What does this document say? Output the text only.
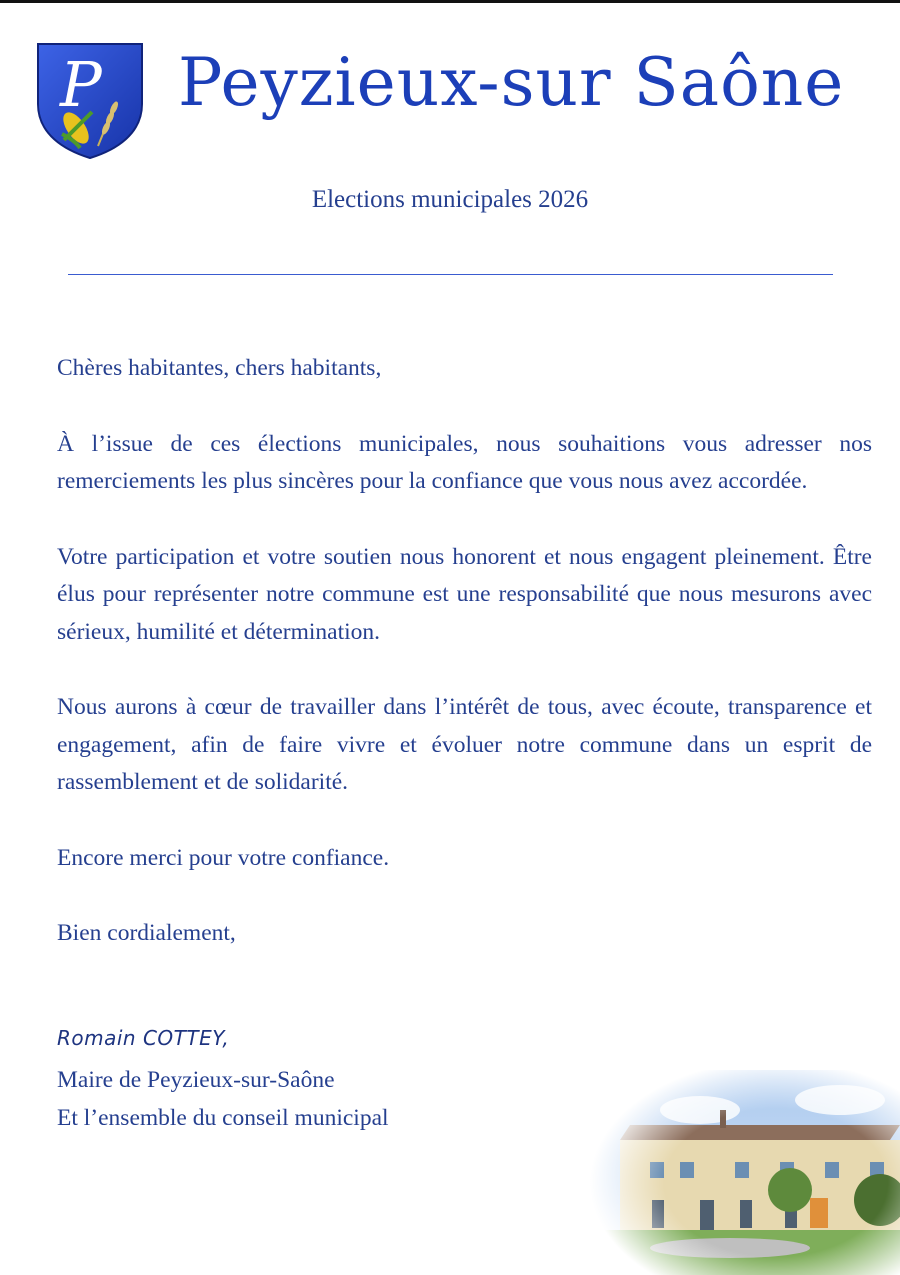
P Peyzieux-sur Saône
Elections municipales 2026

Chères habitantes, chers habitants,

À l’issue de ces élections municipales, nous souhaitions vous adresser nos remerciements les plus sincères pour la confiance que vous nous avez accordée.

Votre participation et votre soutien nous honorent et nous engagent pleinement. Être élus pour représenter notre commune est une responsabilité que nous mesurons avec sérieux, humilité et détermination.

Nous aurons à cœur de travailler dans l’intérêt de tous, avec écoute, transparence et engagement, afin de faire vivre et évoluer notre commune dans un esprit de rassemblement et de solidarité.

Encore merci pour votre confiance.

Bien cordialement,

Romain COTTEY,
Maire de Peyzieux-sur-Saône
Et l’ensemble du conseil municipal
